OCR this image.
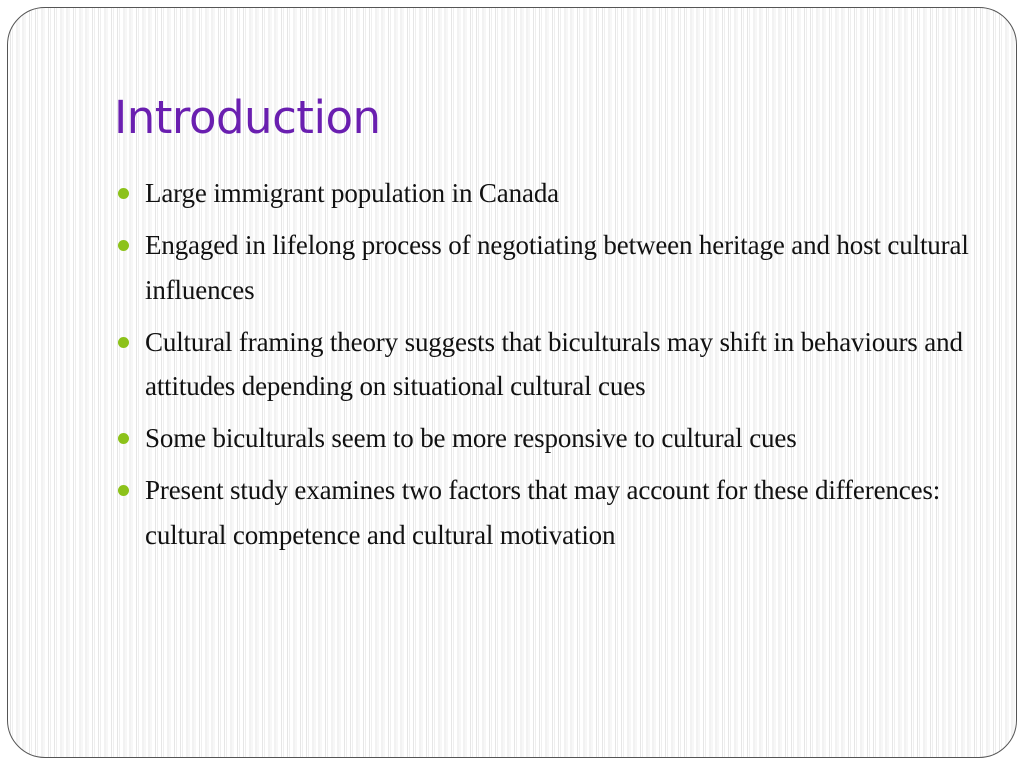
Introduction
Large immigrant population in Canada
Engaged in lifelong process of negotiating between heritage and host cultural influences
Cultural framing theory suggests that biculturals may shift in behaviours and attitudes depending on situational cultural cues
Some biculturals seem to be more responsive to cultural cues
Present study examines two factors that may account for these differences: cultural competence and cultural motivation
